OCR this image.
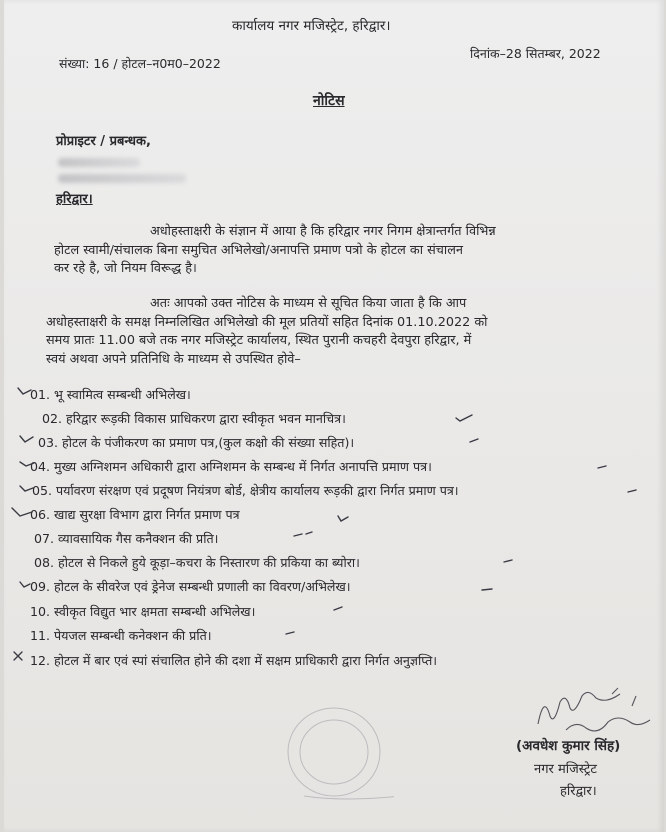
कार्यालय नगर मजिस्ट्रेट, हरिद्वार।
संख्या: 16 / होटल–न0म0–2022
दिनांक–28 सितम्बर, 2022
नोटिस
प्रोप्राइटर / प्रबन्धक,
हरिद्वार।
अधोहस्ताक्षरी के संज्ञान में आया है कि हरिद्वार नगर निगम क्षेत्रान्तर्गत विभिन्न
होटल स्वामी/संचालक बिना समुचित अभिलेखो/अनापत्ति प्रमाण पत्रो के होटल का संचालन
कर रहे है, जो नियम विरूद्ध है।
अतः आपको उक्त नोटिस के माध्यम से सूचित किया जाता है कि आप
अधोहस्ताक्षरी के समक्ष निम्नलिखित अभिलेखो की मूल प्रतियों सहित दिनांक 01.10.2022 को
समय प्रातः 11.00 बजे तक नगर मजिस्ट्रेट कार्यालय, स्थित पुरानी कचहरी देवपुरा हरिद्वार, में
स्वयं अथवा अपने प्रतिनिधि के माध्यम से उपस्थित होवे–
01. भू स्वामित्व सम्बन्धी अभिलेख।
02. हरिद्वार रूड़की विकास प्राधिकरण द्वारा स्वीकृत भवन मानचित्र।
03. होटल के पंजीकरण का प्रमाण पत्र,(कुल कक्षो की संख्या सहित)।
04. मुख्य अग्निशमन अधिकारी द्वारा अग्निशमन के सम्बन्ध में निर्गत अनापत्ति प्रमाण पत्र।
05. पर्यावरण संरक्षण एवं प्रदूषण नियंत्रण बोर्ड, क्षेत्रीय कार्यालय रूड़की द्वारा निर्गत प्रमाण पत्र।
06. खाद्य सुरक्षा विभाग द्वारा निर्गत प्रमाण पत्र
07. व्यावसायिक गैस कनैक्शन की प्रति।
08. होटल से निकले हुये कूड़ा–कचरा के निस्तारण की प्रकिया का ब्योरा।
09. होटल के सीवरेज एवं ड्रेनेज सम्बन्धी प्रणाली का विवरण/अभिलेख।
10. स्वीकृत विद्युत भार क्षमता सम्बन्धी अभिलेख।
11. पेयजल सम्बन्धी कनेक्शन की प्रति।
12. होटल में बार एवं स्पां संचालित होने की दशा में सक्षम प्राधिकारी द्वारा निर्गत अनुज्ञप्ति।
(अवधेश कुमार सिंह)
नगर मजिस्ट्रेट
हरिद्वार।
